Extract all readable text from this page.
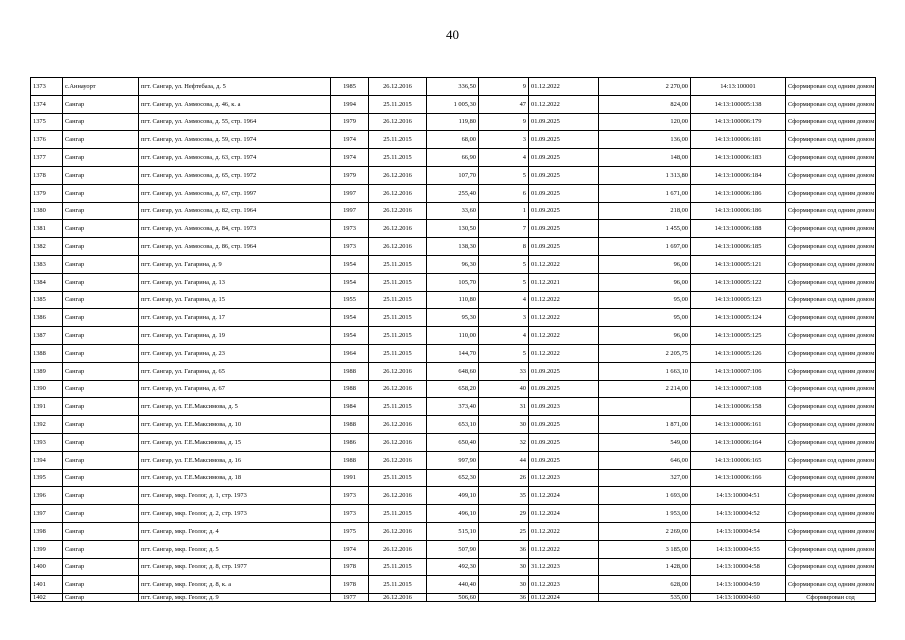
40
1373	с.Аннауорт	пгт. Сангар, ул. Нефтебаза, д. 5	1985	26.12.2016	336,50	9	01.12.2022	2 270,00	14:13:100001	Сформирован сод одним домом
1374	Сангар	пгт. Сангар, ул. Аммосова, д. 46, к. а	1994	25.11.2015	1 005,30	47	01.12.2022	824,00	14:13:100005:138	Сформирован сод одним домом
1375	Сангар	пгт. Сангар, ул. Аммосова, д. 55, стр. 1964	1979	26.12.2016	119,80	9	01.09.2025	120,00	14:13:100006:179	Сформирован сод одним домом
1376	Сангар	пгт. Сангар, ул. Аммосова, д. 59, стр. 1974	1974	25.11.2015	68,00	3	01.09.2025	136,00	14:13:100006:181	Сформирован сод одним домом
1377	Сангар	пгт. Сангар, ул. Аммосова, д. 63, стр. 1974	1974	25.11.2015	66,90	4	01.09.2025	148,00	14:13:100006:183	Сформирован сод одним домом
1378	Сангар	пгт. Сангар, ул. Аммосова, д. 65, стр. 1972	1979	26.12.2016	107,70	5	01.09.2025	1 313,80	14:13:100006:184	Сформирован сод одним домом
1379	Сангар	пгт. Сангар, ул. Аммосова, д. 67, стр. 1997	1997	26.12.2016	255,40	6	01.09.2025	1 671,00	14:13:100006:186	Сформирован сод одним домом
1380	Сангар	пгт. Сангар, ул. Аммосова, д. 82, стр. 1964	1997	26.12.2016	33,60	1	01.09.2025	218,00	14:13:100006:186	Сформирован сод одним домом
1381	Сангар	пгт. Сангар, ул. Аммосова, д. 84, стр. 1973	1973	26.12.2016	130,50	7	01.09.2025	1 455,00	14:13:100006:188	Сформирован сод одним домом
1382	Сангар	пгт. Сангар, ул. Аммосова, д. 86, стр. 1964	1973	26.12.2016	138,30	8	01.09.2025	1 697,00	14:13:100006:185	Сформирован сод одним домом
1383	Сангар	пгт. Сангар, ул. Гагарина, д. 9	1954	25.11.2015	96,30	5	01.12.2022	96,00	14:13:100005:121	Сформирован сод одним домом
1384	Сангар	пгт. Сангар, ул. Гагарина, д. 13	1954	25.11.2015	105,70	5	01.12.2021	96,00	14:13:100005:122	Сформирован сод одним домом
1385	Сангар	пгт. Сангар, ул. Гагарина, д. 15	1955	25.11.2015	110,80	4	01.12.2022	95,00	14:13:100005:123	Сформирован сод одним домом
1386	Сангар	пгт. Сангар, ул. Гагарина, д. 17	1954	25.11.2015	95,30	3	01.12.2022	95,00	14:13:100005:124	Сформирован сод одним домом
1387	Сангар	пгт. Сангар, ул. Гагарина, д. 19	1954	25.11.2015	110,00	4	01.12.2022	96,00	14:13:100005:125	Сформирован сод одним домом
1388	Сангар	пгт. Сангар, ул. Гагарина, д. 23	1964	25.11.2015	144,70	5	01.12.2022	2 205,75	14:13:100005:126	Сформирован сод одним домом
1389	Сангар	пгт. Сангар, ул. Гагарина, д. 65	1988	26.12.2016	648,60	33	01.09.2025	1 663,10	14:13:100007:106	Сформирован сод одним домом
1390	Сангар	пгт. Сангар, ул. Гагарина, д. 67	1988	26.12.2016	658,20	40	01.09.2025	2 214,00	14:13:100007:108	Сформирован сод одним домом
1391	Сангар	пгт. Сангар, ул. Г.Е.Максимова, д. 5	1984	25.11.2015	373,40	31	01.09.2023		14:13:100006:158	Сформирован сод одним домом
1392	Сангар	пгт. Сангар, ул. Г.Е.Максимова, д. 10	1988	26.12.2016	653,10	30	01.09.2025	1 871,00	14:13:100006:161	Сформирован сод одним домом
1393	Сангар	пгт. Сангар, ул. Г.Е.Максимова, д. 15	1986	26.12.2016	650,40	32	01.09.2025	549,00	14:13:100006:164	Сформирован сод одним домом
1394	Сангар	пгт. Сангар, ул. Г.Е.Максимова, д. 16	1988	26.12.2016	997,90	44	01.09.2025	646,00	14:13:100006:165	Сформирован сод одним домом
1395	Сангар	пгт. Сангар, ул. Г.Е.Максимова, д. 18	1991	25.11.2015	652,30	26	01.12.2023	327,00	14:13:100006:166	Сформирован сод одним домом
1396	Сангар	пгт. Сангар, мкр. Геолог, д. 1, стр. 1973	1973	26.12.2016	499,10	35	01.12.2024	1 693,00	14:13:100004:51	Сформирован сод одним домом
1397	Сангар	пгт. Сангар, мкр. Геолог, д. 2, стр. 1973	1973	25.11.2015	496,10	29	01.12.2024	1 953,00	14:13:100004:52	Сформирован сод одним домом
1398	Сангар	пгт. Сангар, мкр. Геолог, д. 4	1975	26.12.2016	515,10	25	01.12.2022	2 269,00	14:13:100004:54	Сформирован сод одним домом
1399	Сангар	пгт. Сангар, мкр. Геолог, д. 5	1974	26.12.2016	507,90	36	01.12.2022	3 185,00	14:13:100004:55	Сформирован сод одним домом
1400	Сангар	пгт. Сангар, мкр. Геолог, д. 8, стр. 1977	1978	25.11.2015	492,30	30	31.12.2023	1 428,00	14:13:100004:58	Сформирован сод одним домом
1401	Сангар	пгт. Сангар, мкр. Геолог, д. 8, к. а	1978	25.11.2015	440,40	30	01.12.2023	628,00	14:13:100004:59	Сформирован сод одним домом
1402	Сангар	пгт. Сангар, мкр. Геолог, д. 9	1977	26.12.2016	506,60	36	01.12.2024	535,00	14:13:100004:60	Сформирован сод
